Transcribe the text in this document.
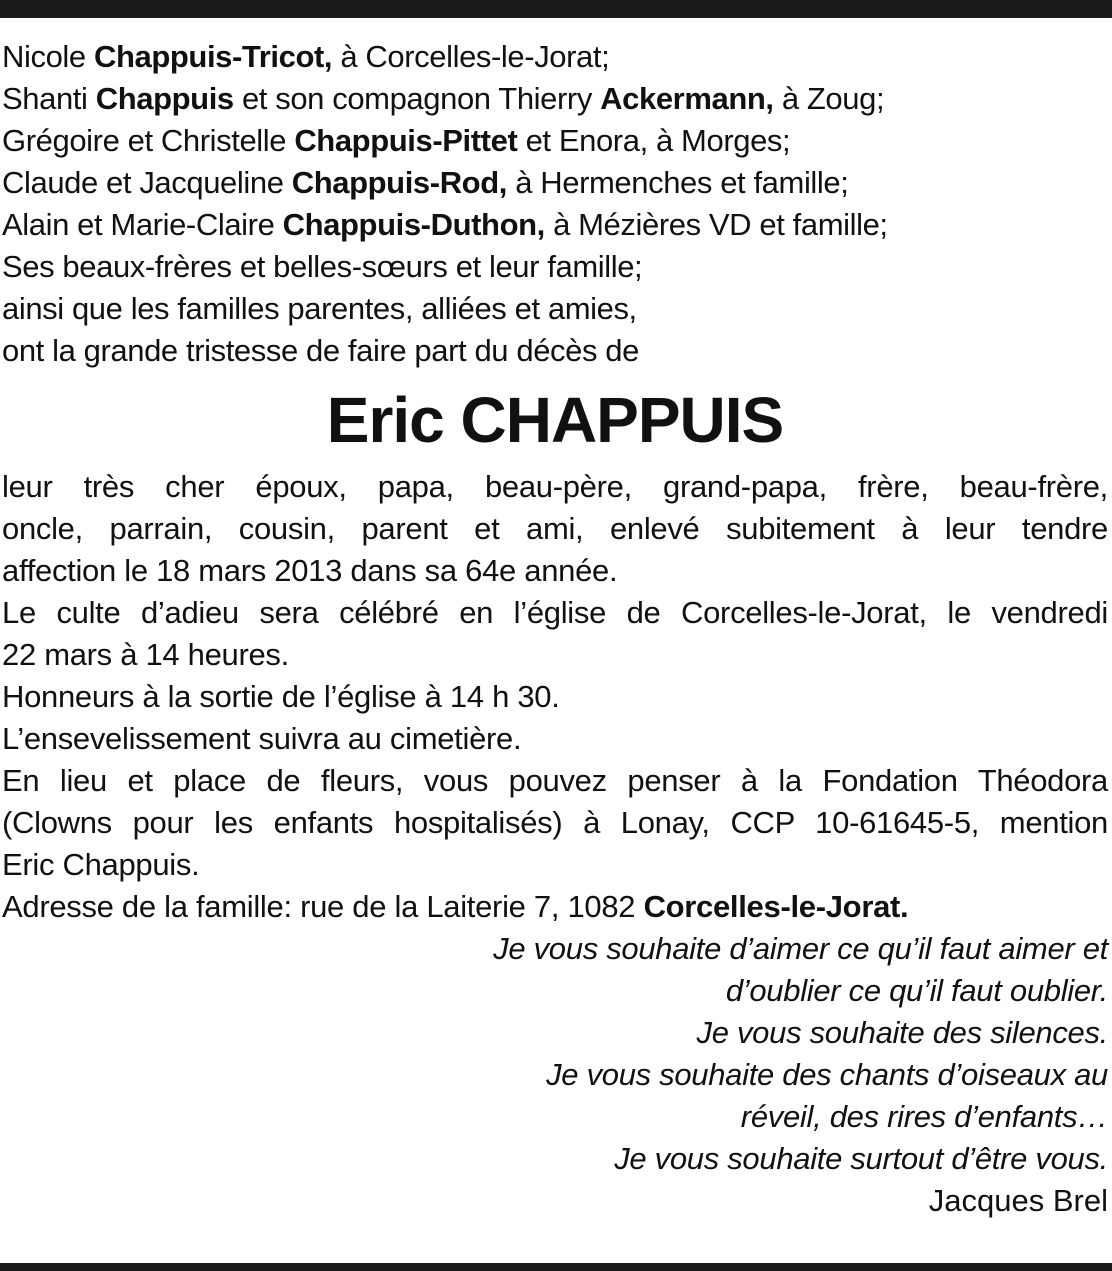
Nicole Chappuis-Tricot, à Corcelles-le-Jorat;
Shanti Chappuis et son compagnon Thierry Ackermann, à Zoug;
Grégoire et Christelle Chappuis-Pittet et Enora, à Morges;
Claude et Jacqueline Chappuis-Rod, à Hermenches et famille;
Alain et Marie-Claire Chappuis-Duthon, à Mézières VD et famille;
Ses beaux-frères et belles-sœurs et leur famille;
ainsi que les familles parentes, alliées et amies,
ont la grande tristesse de faire part du décès de
Eric CHAPPUIS
leur très cher époux, papa, beau-père, grand-papa, frère, beau-frère,
oncle, parrain, cousin, parent et ami, enlevé subitement à leur tendre
affection le 18 mars 2013 dans sa 64e année.
Le culte d’adieu sera célébré en l’église de Corcelles-le-Jorat, le vendredi
22 mars à 14 heures.
Honneurs à la sortie de l’église à 14 h 30.
L’ensevelissement suivra au cimetière.
En lieu et place de fleurs, vous pouvez penser à la Fondation Théodora
(Clowns pour les enfants hospitalisés) à Lonay, CCP 10-61645-5, mention
Eric Chappuis.
Adresse de la famille: rue de la Laiterie 7, 1082 Corcelles-le-Jorat.
Je vous souhaite d’aimer ce qu’il faut aimer et
d’oublier ce qu’il faut oublier.
Je vous souhaite des silences.
Je vous souhaite des chants d’oiseaux au
réveil, des rires d’enfants…
Je vous souhaite surtout d’être vous.
Jacques Brel
